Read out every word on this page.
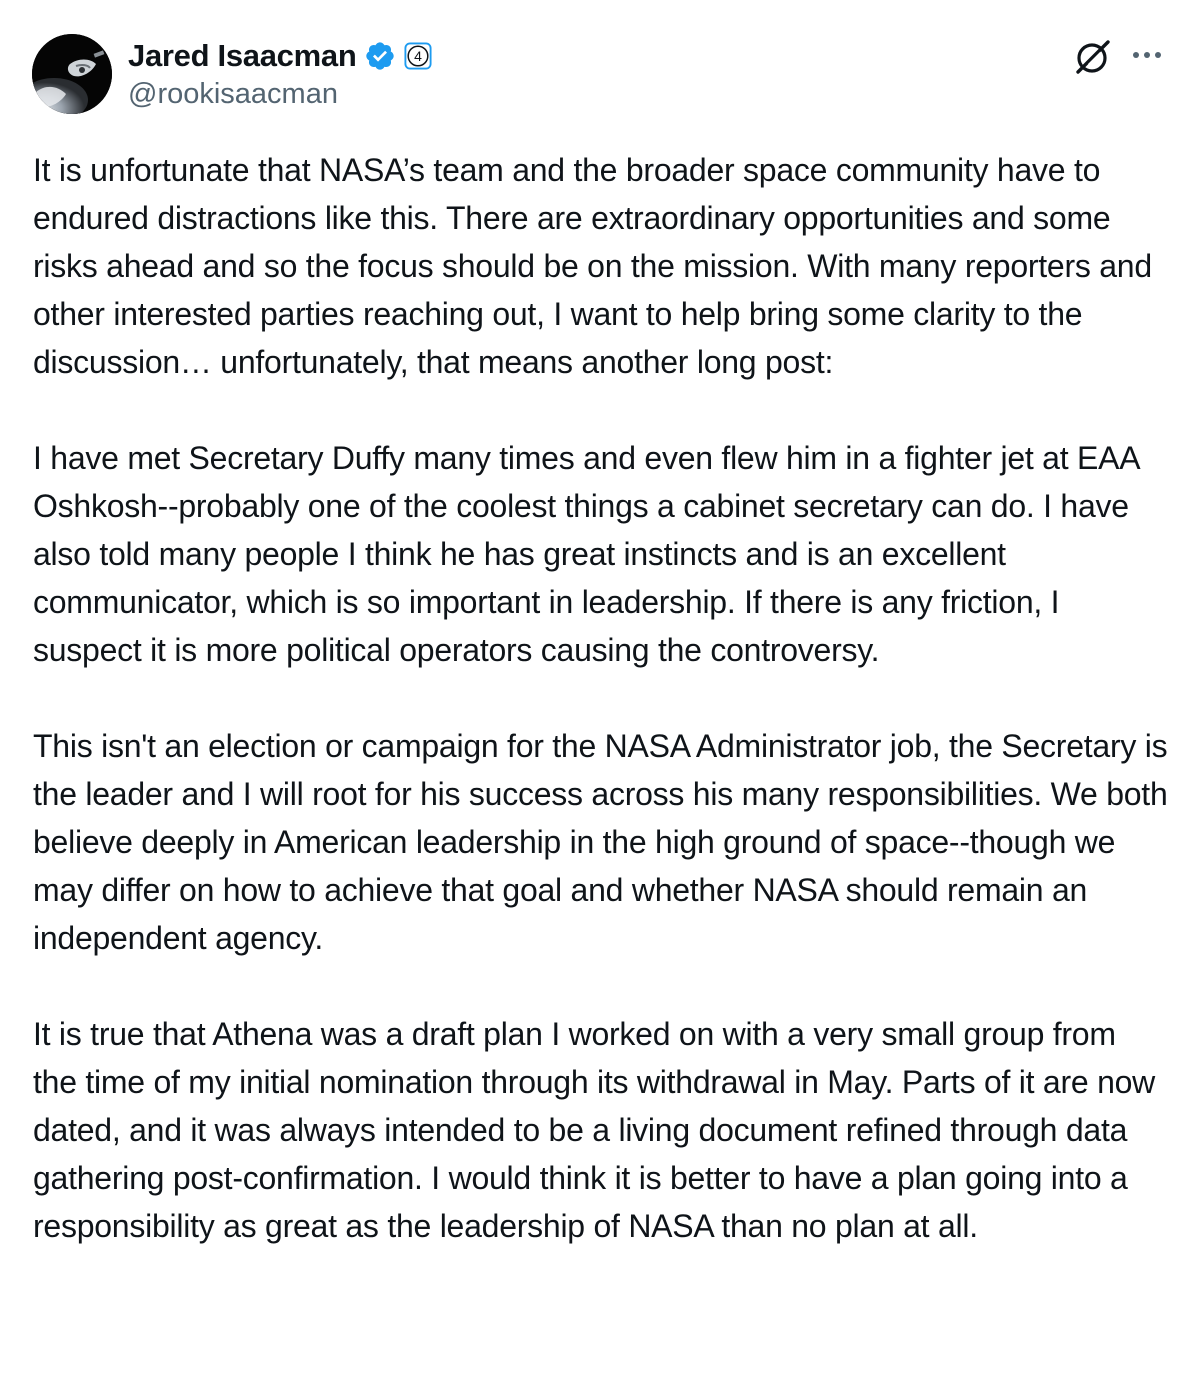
Jared Isaacman	4
@rookisaacman

It is unfortunate that NASA’s team and the broader space community have to endured distractions like this. There are extraordinary opportunities and some risks ahead and so the focus should be on the mission. With many reporters and other interested parties reaching out, I want to help bring some clarity to the discussion… unfortunately, that means another long post:

I have met Secretary Duffy many times and even flew him in a fighter jet at EAA Oshkosh--probably one of the coolest things a cabinet secretary can do. I have also told many people I think he has great instincts and is an excellent communicator, which is so important in leadership. If there is any friction, I suspect it is more political operators causing the controversy.

This isn't an election or campaign for the NASA Administrator job, the Secretary is the leader and I will root for his success across his many responsibilities. We both believe deeply in American leadership in the high ground of space--though we may differ on how to achieve that goal and whether NASA should remain an independent agency.

It is true that Athena was a draft plan I worked on with a very small group from the time of my initial nomination through its withdrawal in May. Parts of it are now dated, and it was always intended to be a living document refined through data gathering post-confirmation. I would think it is better to have a plan going into a responsibility as great as the leadership of NASA than no plan at all.
